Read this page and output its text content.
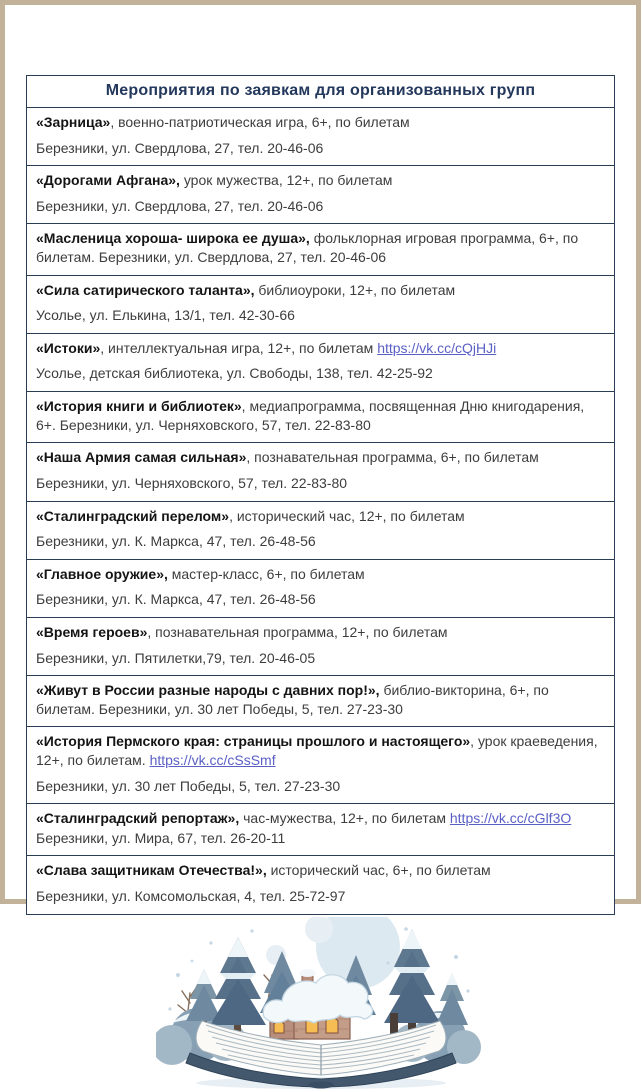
Мероприятия по заявкам для организованных групп

«Зарница», военно-патриотическая игра, 6+, по билетам

Березники, ул. Свердлова, 27, тел. 20-46-06

«Дорогами Афгана», урок мужества, 12+, по билетам

Березники, ул. Свердлова, 27, тел. 20-46-06

«Масленица хороша- широка ее душа», фольклорная игровая программа, 6+, по билетам. Березники, ул. Свердлова, 27, тел. 20-46-06

«Сила сатирического таланта», библиоуроки, 12+, по билетам

Усолье, ул. Елькина, 13/1, тел. 42-30-66

«Истоки», интеллектуальная игра, 12+, по билетам https://vk.cc/cQjHJi

Усолье, детская библиотека, ул. Свободы, 138, тел. 42-25-92

«История книги и библиотек», медиапрограмма, посвященная Дню книгодарения, 6+. Березники, ул. Черняховского, 57, тел. 22-83-80

«Наша Армия самая сильная», познавательная программа, 6+, по билетам

Березники, ул. Черняховского, 57, тел. 22-83-80

«Сталинградский перелом», исторический час, 12+, по билетам

Березники, ул. К. Маркса, 47, тел. 26-48-56

«Главное оружие», мастер-класс, 6+, по билетам

Березники, ул. К. Маркса, 47, тел. 26-48-56

«Время героев», познавательная программа, 12+, по билетам

Березники, ул. Пятилетки,79, тел. 20-46-05

«Живут в России разные народы с давних пор!», библио-викторина, 6+, по билетам. Березники, ул. 30 лет Победы, 5, тел. 27-23-30

«История Пермского края: страницы прошлого и настоящего», урок краеведения, 12+, по билетам. https://vk.cc/cSsSmf

Березники, ул. 30 лет Победы, 5, тел. 27-23-30

«Сталинградский репортаж», час-мужества, 12+, по билетам https://vk.cc/cGlf3O

Березники, ул. Мира, 67, тел. 26-20-11

«Слава защитникам Отечества!», исторический час, 6+, по билетам

Березники, ул. Комсомольская, 4, тел. 25-72-97
